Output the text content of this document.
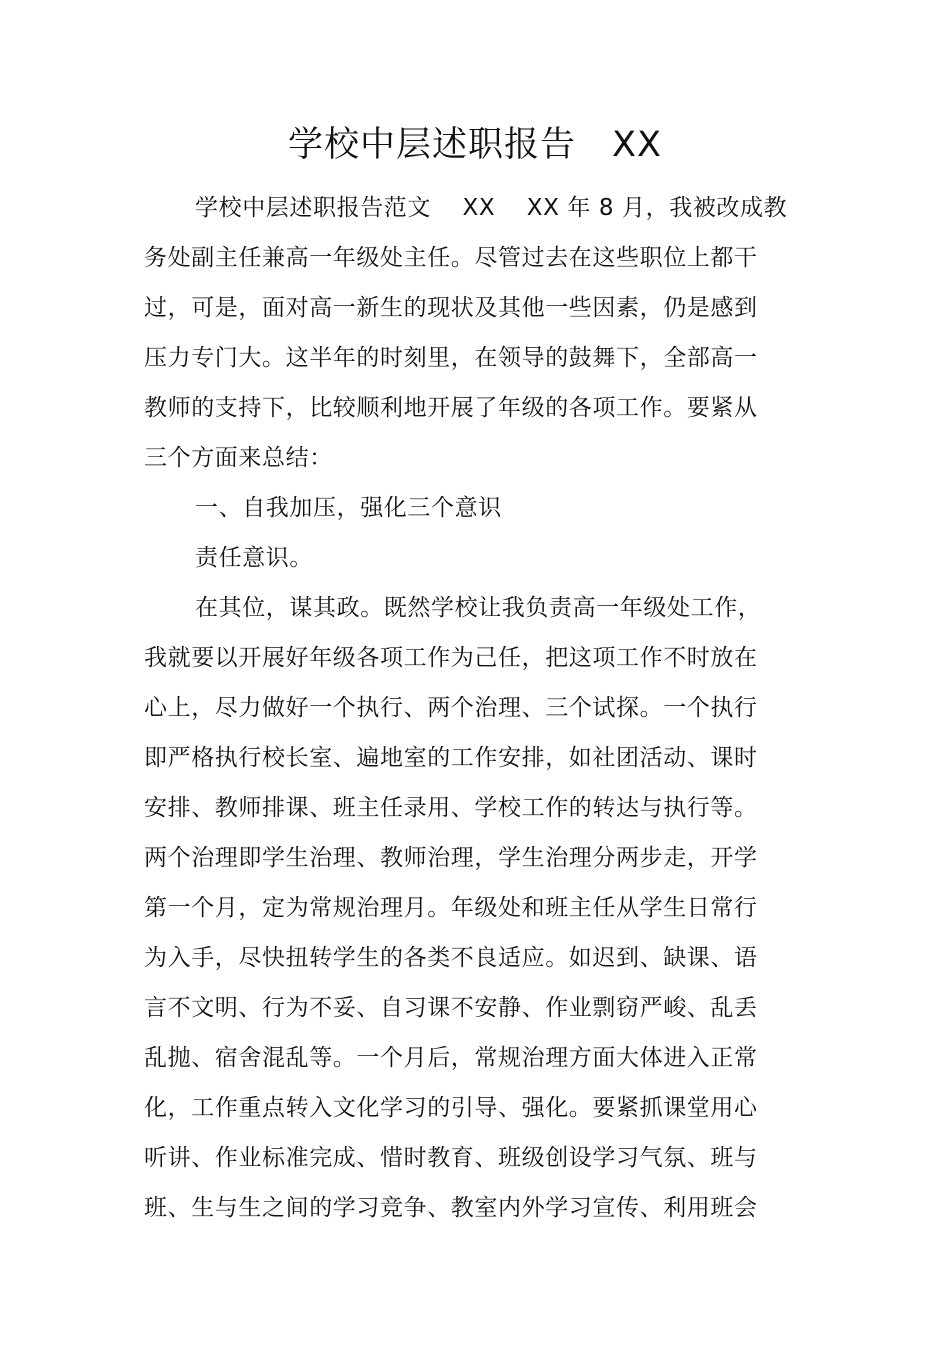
学校中层述职报告　XX
学校中层述职报告范文　 XX　 XX 年 8 月，我被改成教
务处副主任兼高一年级处主任。尽管过去在这些职位上都干
过，可是，面对高一新生的现状及其他一些因素，仍是感到
压力专门大。这半年的时刻里，在领导的鼓舞下，全部高一
教师的支持下，比较顺利地开展了年级的各项工作。要紧从
三个方面来总结：
一、自我加压，强化三个意识
责任意识。
在其位，谋其政。既然学校让我负责高一年级处工作，
我就要以开展好年级各项工作为己任，把这项工作不时放在
心上，尽力做好一个执行、两个治理、三个试探。一个执行
即严格执行校长室、遍地室的工作安排，如社团活动、课时
安排、教师排课、班主任录用、学校工作的转达与执行等。
两个治理即学生治理、教师治理，学生治理分两步走，开学
第一个月，定为常规治理月。年级处和班主任从学生日常行
为入手，尽快扭转学生的各类不良适应。如迟到、缺课、语
言不文明、行为不妥、自习课不安静、作业剽窃严峻、乱丢
乱抛、宿舍混乱等。一个月后，常规治理方面大体进入正常
化，工作重点转入文化学习的引导、强化。要紧抓课堂用心
听讲、作业标准完成、惜时教育、班级创设学习气氛、班与
班、生与生之间的学习竞争、教室内外学习宣传、利用班会
